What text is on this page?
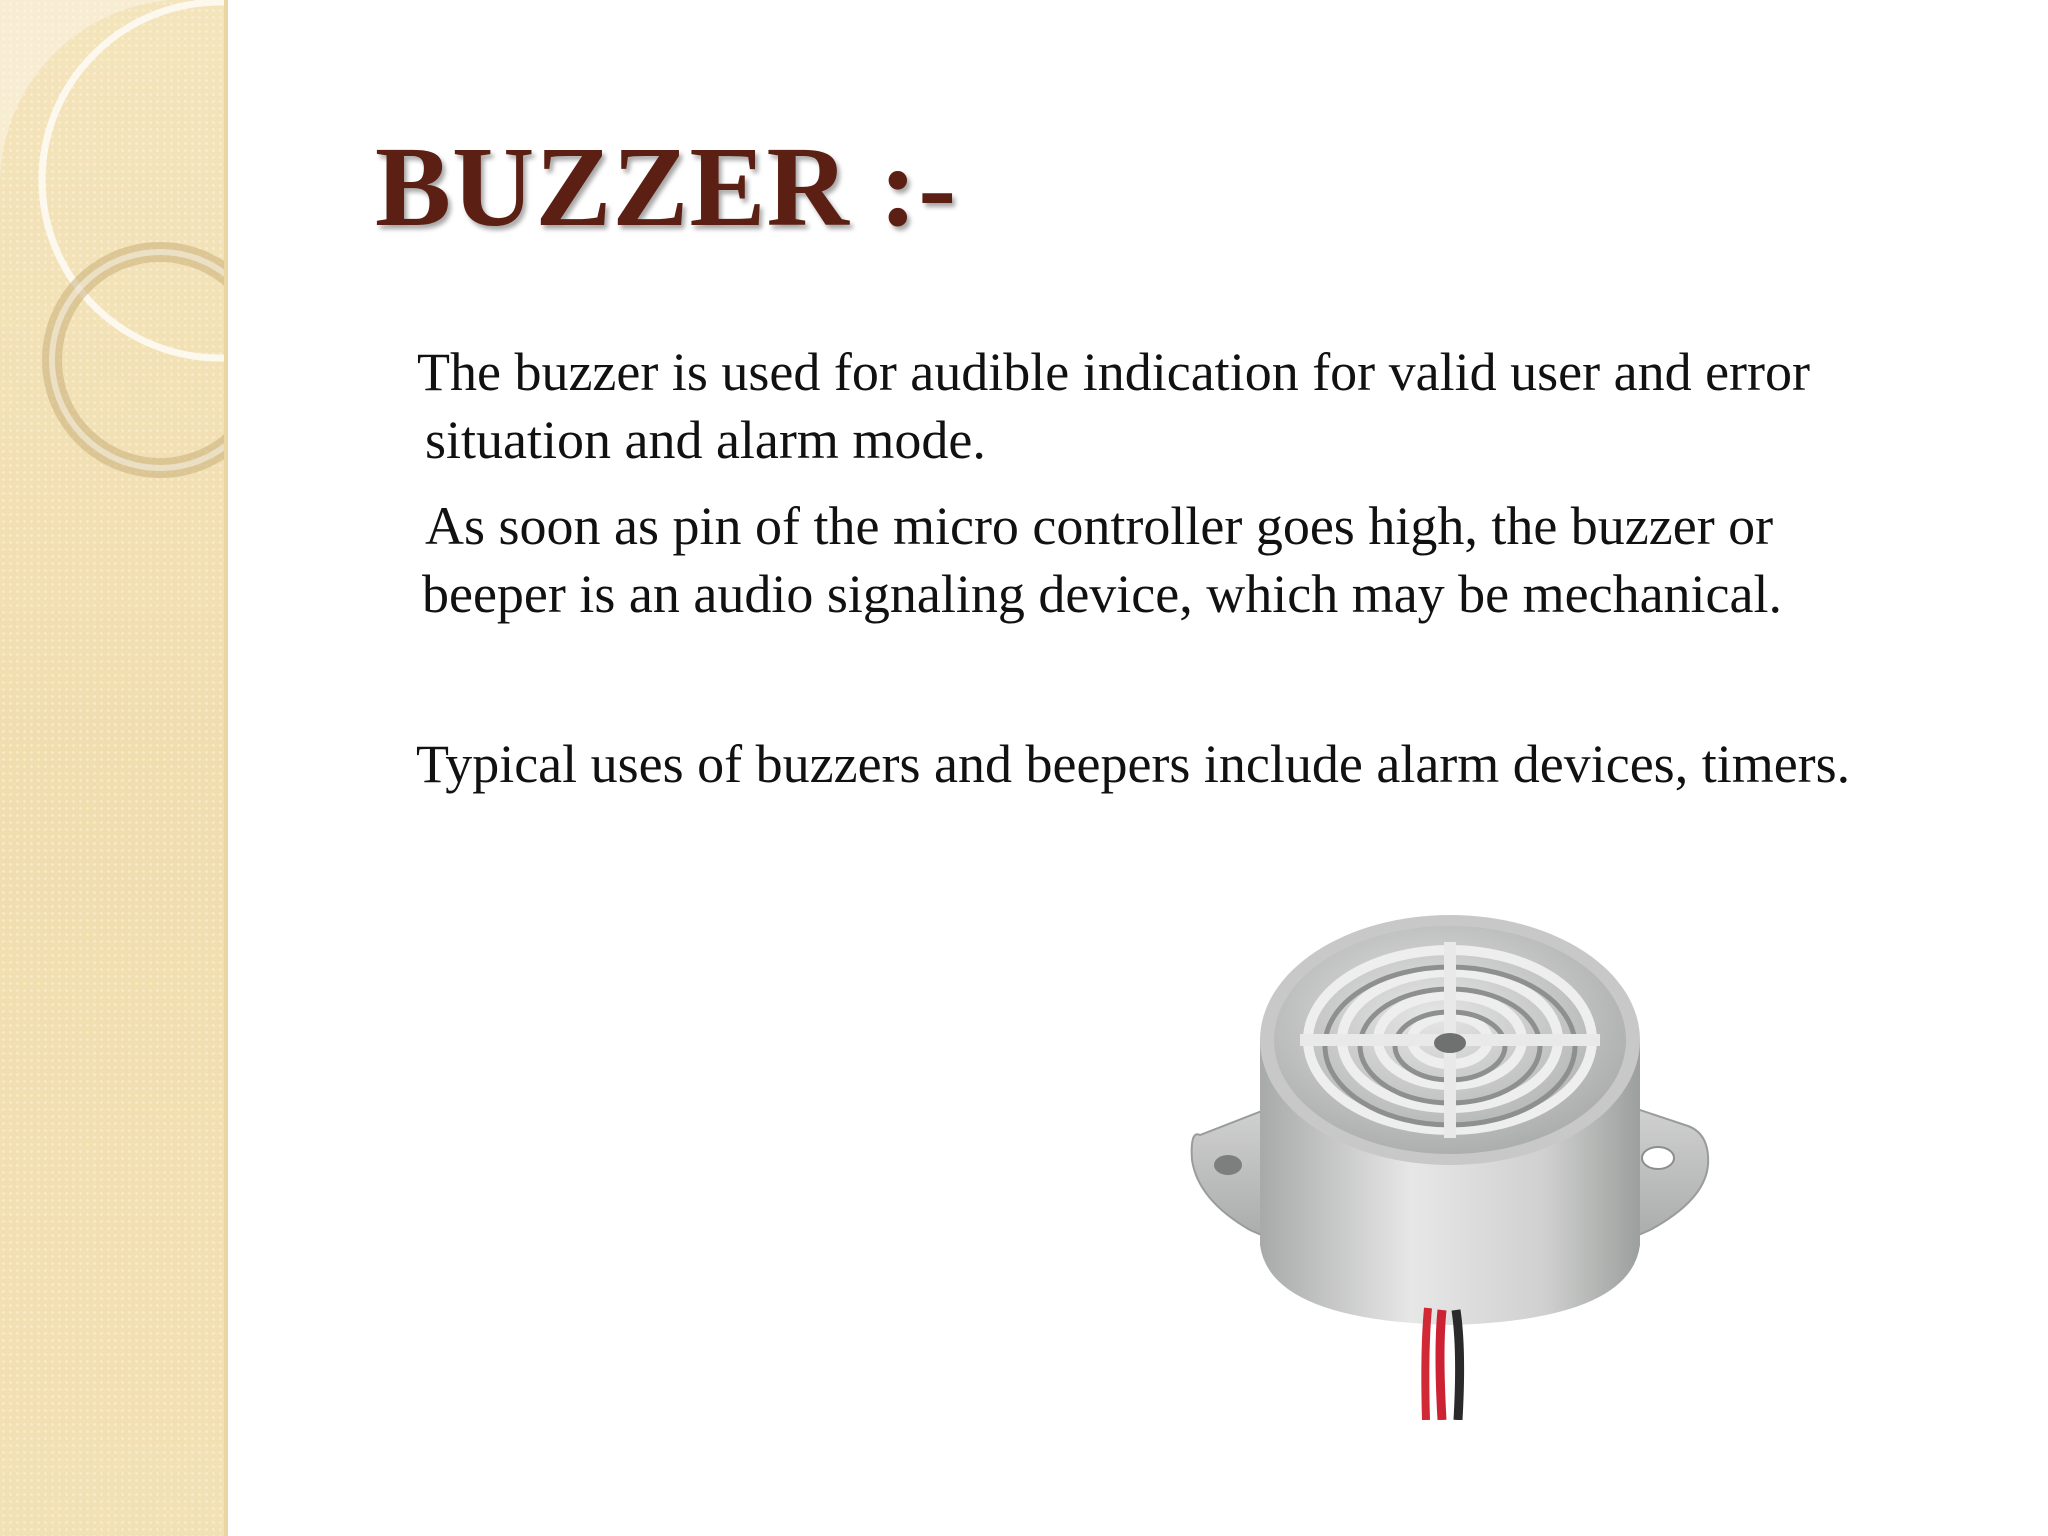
BUZZER :-

The buzzer is used for audible indication for valid user and error
situation and alarm mode.

As soon as pin of the micro controller goes high, the buzzer or
beeper is an audio signaling device, which may be mechanical.

Typical uses of buzzers and beepers include alarm devices, timers.
